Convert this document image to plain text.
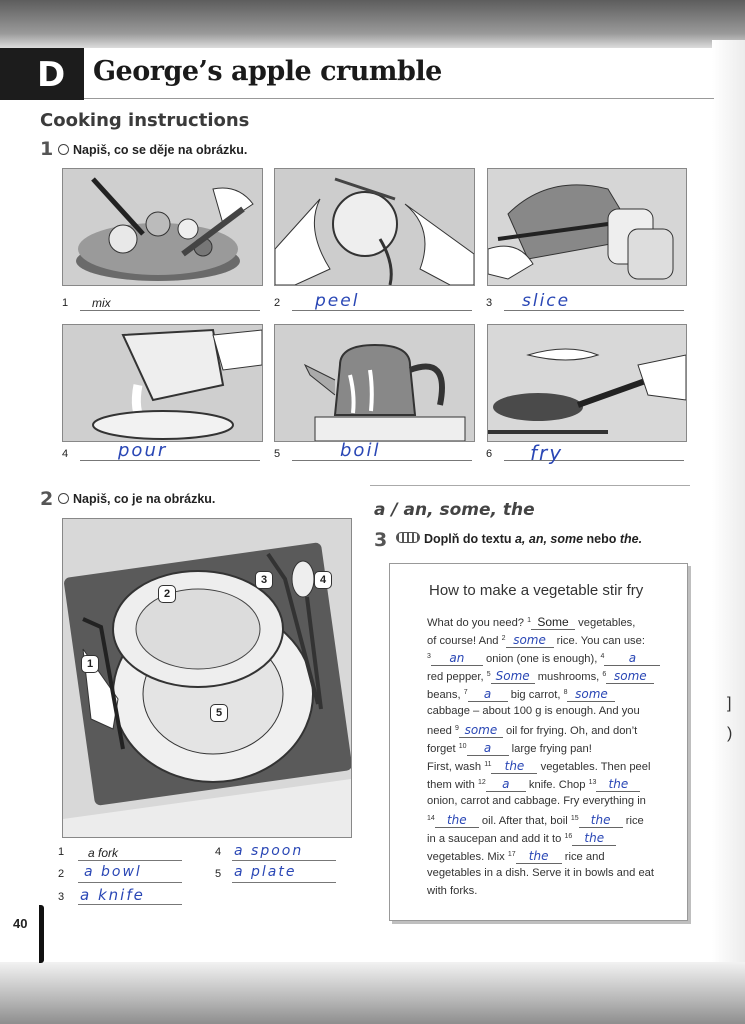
D George’s apple crumble
Cooking instructions
1	Napiš, co se děje na obrázku.
1 mix	2 peel	3 slice
4	pour	5	boil	6 fry
2	Napiš, co je na obrázku.
2
3	4
1
5
1 a fork
2 a bowl
3 a knife
4 a spoon
5 a plate
a / an, some, the
3	Doplň do textu a, an, some nebo the.
How to make a vegetable stir fry
What do you need? $^1$ Some vegetables,
of course! And $^2$ some rice. You can use:
$^3$ an onion (one is enough), $^4$ a
red pepper, $^5$ Some mushrooms, $^6$ some
beans, $^7$ a big carrot, $^8$ some
cabbage – about 100 g is enough. And you
need $^9$ some oil for frying. Oh, and don’t
forget $^{10}$ a large frying pan!
First, wash $^{11}$ the vegetables. Then peel
them with $^{12}$ a knife. Chop $^{13}$ the
onion, carrot and cabbage. Fry everything in
$^{14}$ the oil. After that, boil $^{15}$ the rice
in a saucepan and add it to $^{16}$ the
vegetables. Mix $^{17}$ the rice and
vegetables in a dish. Serve it in bowls and eat
with forks.
40
]
)
